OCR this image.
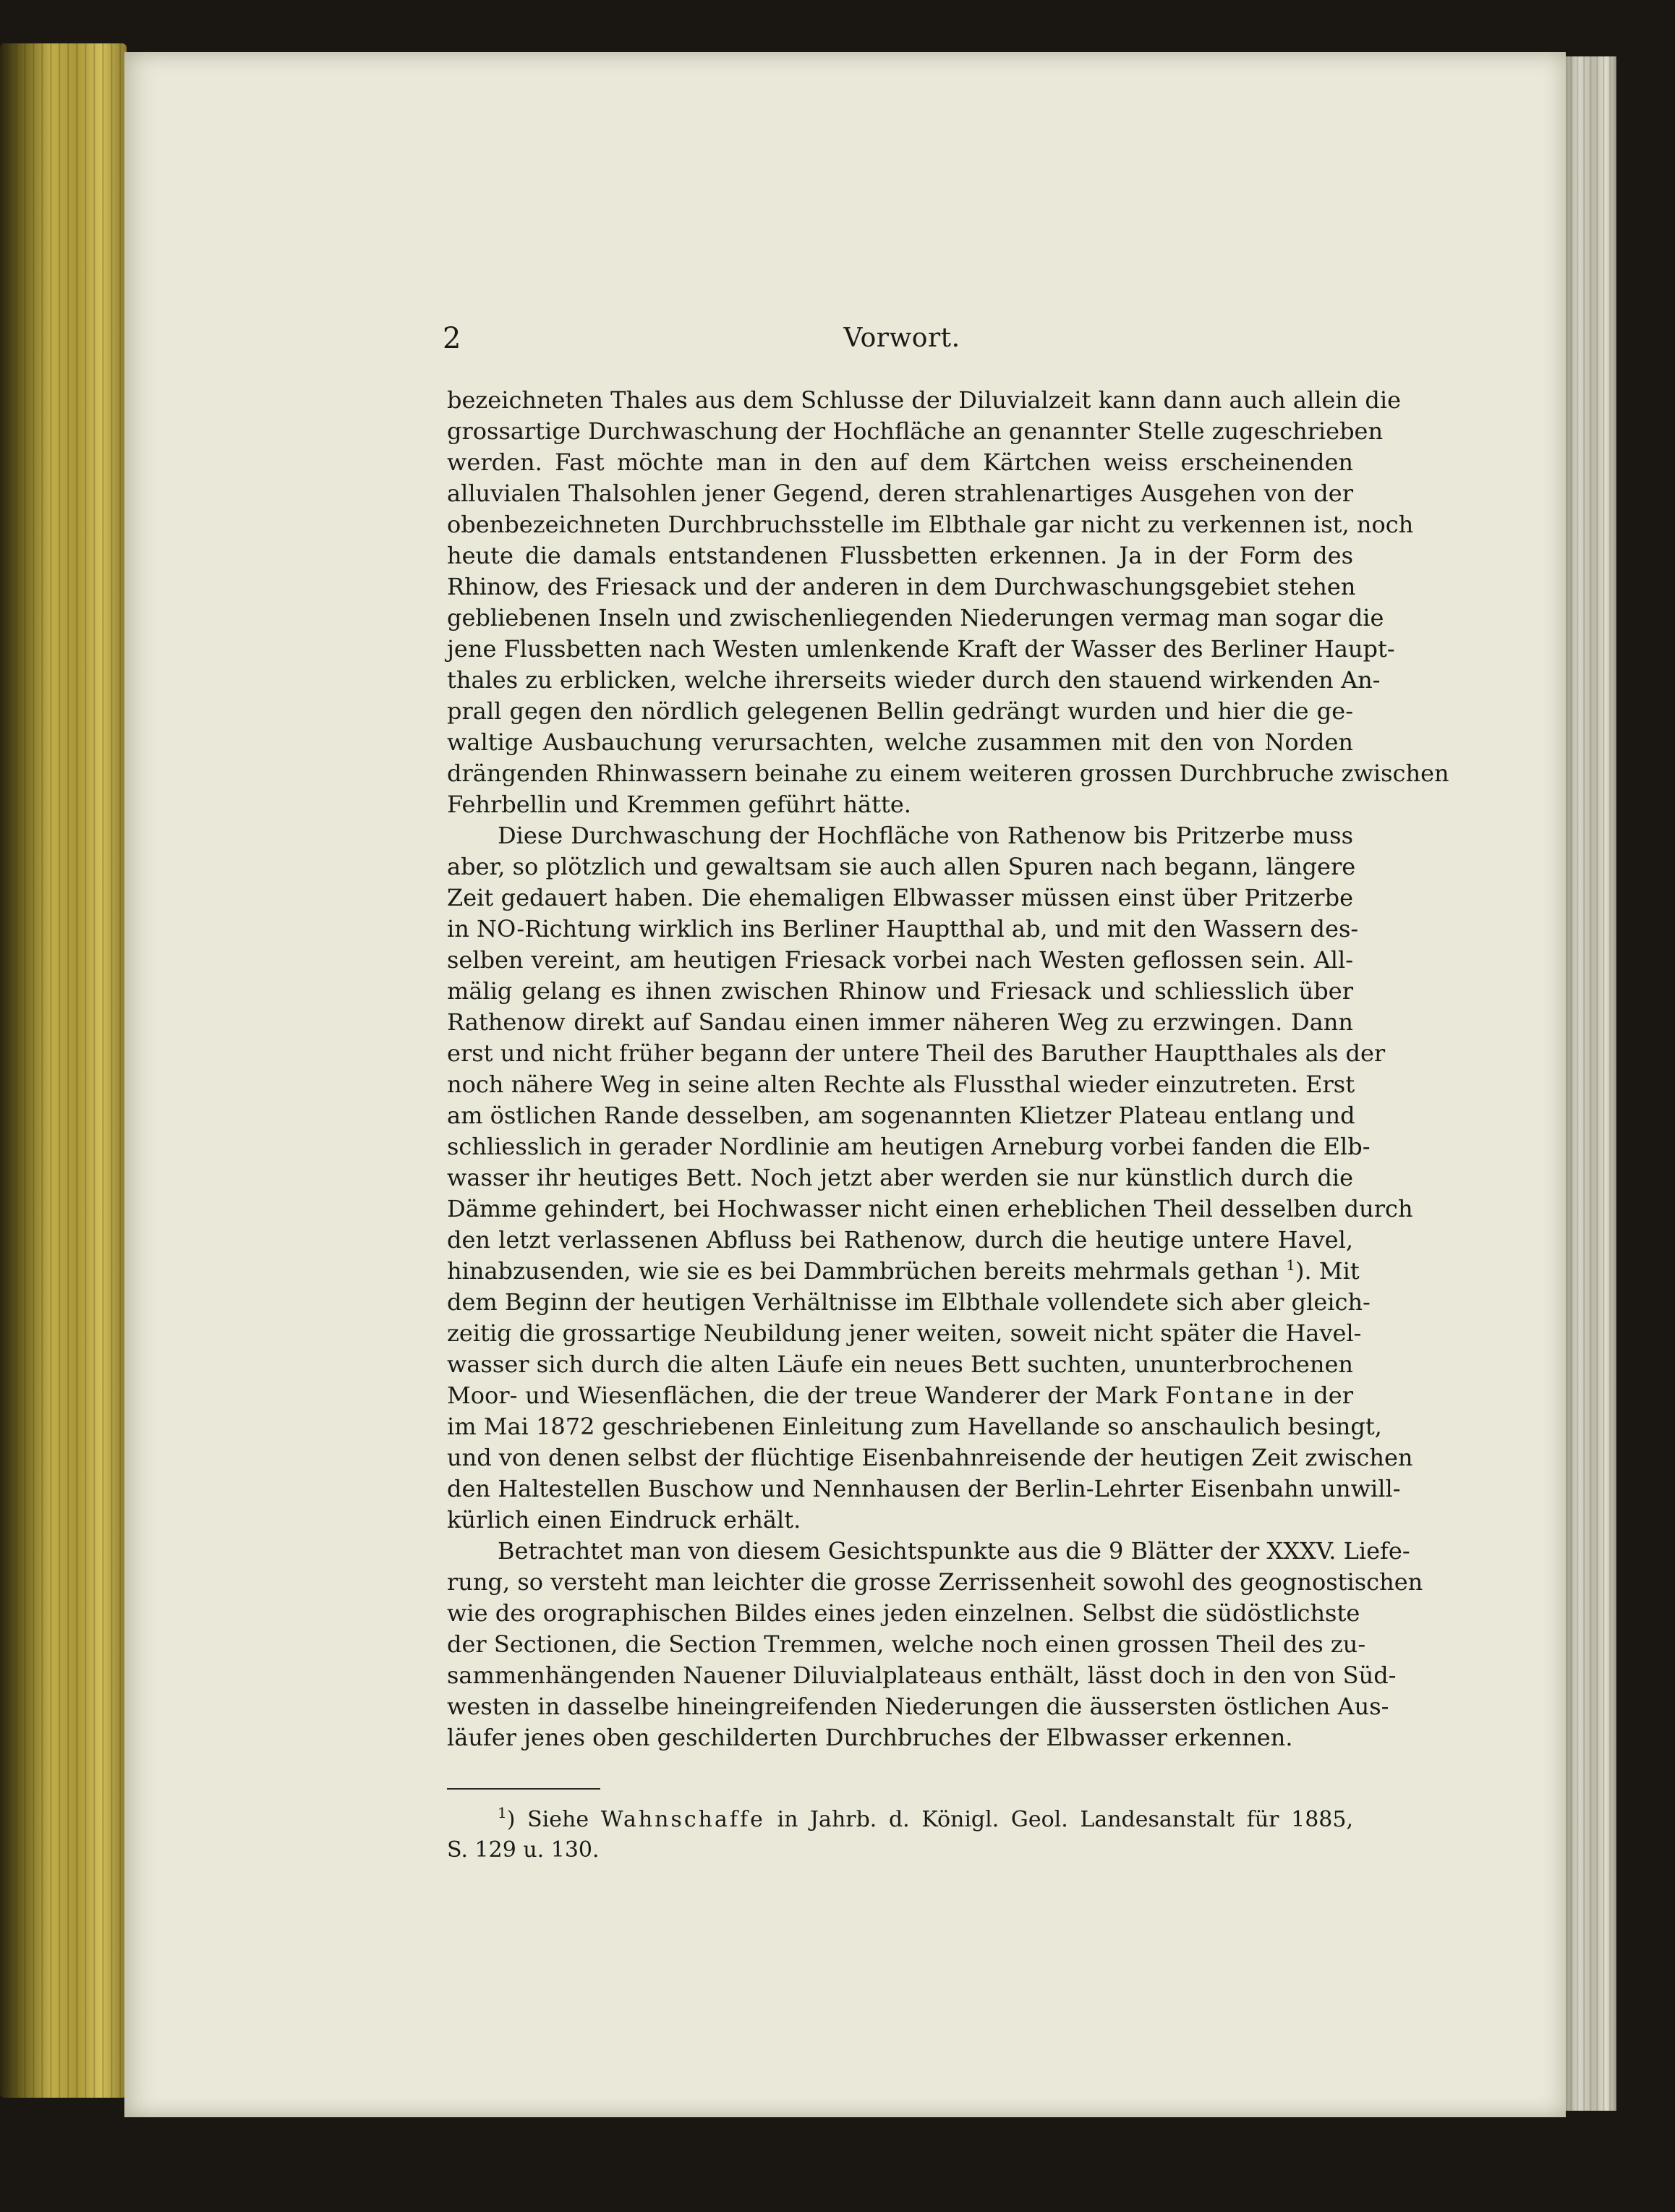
2	Vorwort.
bezeichneten Thales aus dem Schlusse der Diluvialzeit kann dann auch allein die
grossartige Durchwaschung der Hochfläche an genannter Stelle zugeschrieben
werden. Fast möchte man in den auf dem Kärtchen weiss erscheinenden
alluvialen Thalsohlen jener Gegend, deren strahlenartiges Ausgehen von der
obenbezeichneten Durchbruchsstelle im Elbthale gar nicht zu verkennen ist, noch
heute die damals entstandenen Flussbetten erkennen. Ja in der Form des
Rhinow, des Friesack und der anderen in dem Durchwaschungsgebiet stehen
gebliebenen Inseln und zwischenliegenden Niederungen vermag man sogar die
jene Flussbetten nach Westen umlenkende Kraft der Wasser des Berliner Haupt-
thales zu erblicken, welche ihrerseits wieder durch den stauend wirkenden An-
prall gegen den nördlich gelegenen Bellin gedrängt wurden und hier die ge-
waltige Ausbauchung verursachten, welche zusammen mit den von Norden
drängenden Rhinwassern beinahe zu einem weiteren grossen Durchbruche zwischen
Fehrbellin und Kremmen geführt hätte.
Diese Durchwaschung der Hochfläche von Rathenow bis Pritzerbe muss
aber, so plötzlich und gewaltsam sie auch allen Spuren nach begann, längere
Zeit gedauert haben. Die ehemaligen Elbwasser müssen einst über Pritzerbe
in NO-Richtung wirklich ins Berliner Hauptthal ab, und mit den Wassern des-
selben vereint, am heutigen Friesack vorbei nach Westen geflossen sein. All-
mälig gelang es ihnen zwischen Rhinow und Friesack und schliesslich über
Rathenow direkt auf Sandau einen immer näheren Weg zu erzwingen. Dann
erst und nicht früher begann der untere Theil des Baruther Hauptthales als der
noch nähere Weg in seine alten Rechte als Flussthal wieder einzutreten. Erst
am östlichen Rande desselben, am sogenannten Klietzer Plateau entlang und
schliesslich in gerader Nordlinie am heutigen Arneburg vorbei fanden die Elb-
wasser ihr heutiges Bett. Noch jetzt aber werden sie nur künstlich durch die
Dämme gehindert, bei Hochwasser nicht einen erheblichen Theil desselben durch
den letzt verlassenen Abfluss bei Rathenow, durch die heutige untere Havel,
hinabzusenden, wie sie es bei Dammbrüchen bereits mehrmals gethan $^1$). Mit
dem Beginn der heutigen Verhältnisse im Elbthale vollendete sich aber gleich-
zeitig die grossartige Neubildung jener weiten, soweit nicht später die Havel-
wasser sich durch die alten Läufe ein neues Bett suchten, ununterbrochenen
Moor- und Wiesenflächen, die der treue Wanderer der Mark Fontane in der
im Mai 1872 geschriebenen Einleitung zum Havellande so anschaulich besingt,
und von denen selbst der flüchtige Eisenbahnreisende der heutigen Zeit zwischen
den Haltestellen Buschow und Nennhausen der Berlin-Lehrter Eisenbahn unwill-
kürlich einen Eindruck erhält.
Betrachtet man von diesem Gesichtspunkte aus die 9 Blätter der XXXV. Liefe-
rung, so versteht man leichter die grosse Zerrissenheit sowohl des geognostischen
wie des orographischen Bildes eines jeden einzelnen. Selbst die südöstlichste
der Sectionen, die Section Tremmen, welche noch einen grossen Theil des zu-
sammenhängenden Nauener Diluvialplateaus enthält, lässt doch in den von Süd-
westen in dasselbe hineingreifenden Niederungen die äussersten östlichen Aus-
läufer jenes oben geschilderten Durchbruches der Elbwasser erkennen.
$^1$) Siehe Wahnschaffe in Jahrb. d. Königl. Geol. Landesanstalt für 1885,
S. 129 u. 130.
